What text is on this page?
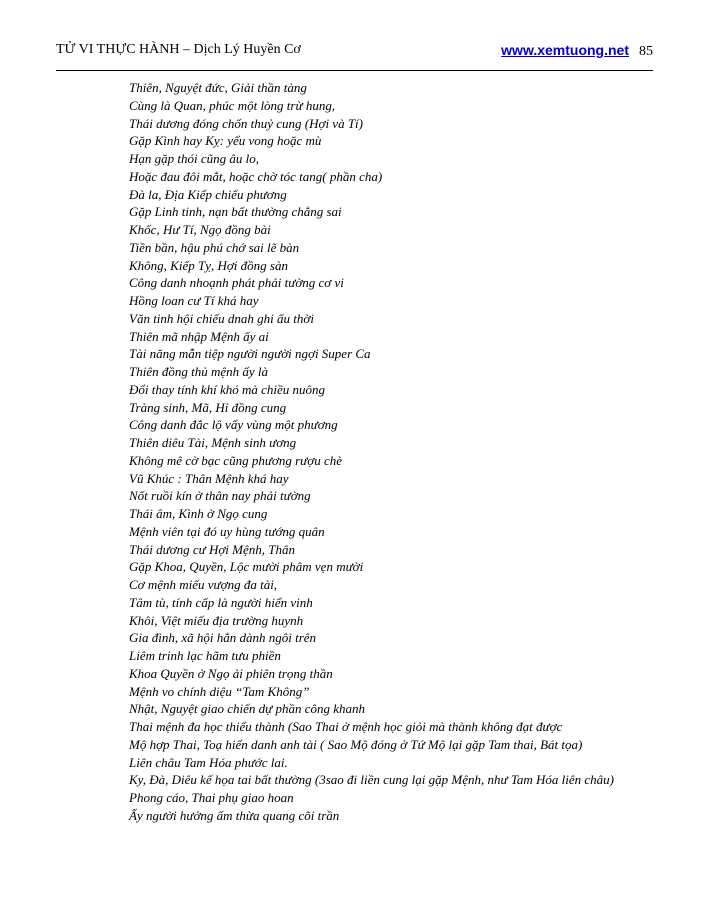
TỬ VI THỰC HÀNH – Dịch Lý Huyền Cơ	www.xemtuong.net 85
Thiên, Nguyệt đức, Giải thần tàng
Cùng là Quan, phúc một lòng trừ hung,
Thái dương đóng chốn thuỷ cung (Hợi và Tí)
Gặp Kình hay Kỵ: yểu vong hoặc mù
Hạn gặp thói cũng âu lo,
Hoặc đau đôi mắt, hoặc chờ tóc tang( phần cha)
Đà la, Địa Kiếp chiếu phương
Gặp Linh tinh, nạn bất thường chẳng sai
Khốc, Hư Tí, Ngọ đồng bài
Tiền bần, hậu phú chớ sai lẽ bàn
Không, Kiếp Tỵ, Hợi đồng sàn
Công danh nhoạnh phát phải tường cơ vi
Hồng loan cư Tí khá hay
Văn tinh hội chiếu dnah ghi ấu thời
Thiên mã nhập Mệnh ấy ai
Tài năng mẫn tiệp người người ngợi Super Ca
Thiên đồng thủ mệnh ấy là
Đổi thay tính khí khó mà chiều nuông
Tràng sinh, Mã, Hỉ đồng cung
Công danh đắc lộ vẩy vùng một phương
Thiên diêu Tài, Mệnh sinh ương
Không mê cờ bạc cũng phương rượu chè
Vũ Khúc : Thân Mệnh khá hay
Nốt ruồi kín ở thân nay phải tường
Thái âm, Kình ở Ngọ cung
Mệnh viên tại đó uy hùng tướng quân
Thái dương cư Hợi Mệnh, Thân
Gặp Khoa, Quyền, Lộc mười phâm vẹn mười
Cơ mệnh miếu vượng đa tài,
Tâm tù, tính cấp là người hiển vinh
Khôi, Việt miếu địa trường huynh
Gia đình, xã hội hẳn dành ngôi trên
Liêm trinh lạc hãm tưu phiền
Khoa Quyền ở Ngọ ải phiên trọng thần
Mệnh vo chính diệu “Tam Không”
Nhật, Nguyệt giao chiến dự phần công khanh
Thai mệnh đa học thiểu thành (Sao Thai ở mệnh học giỏi mà thành không đạt được
Mộ hợp Thai, Toạ hiển danh anh tài ( Sao Mộ đóng ở Tứ Mộ lại gặp Tam thai, Bát tọa)
Liên châu Tam Hóa phước lai.
Ky, Đà, Diêu kế họa tai bất thường (3sao đi liền cung lại gặp Mệnh, như Tam Hóa liên châu)
Phong cáo, Thai phụ giao hoan
Ấy người hưởng ấm thừa quang cõi trần
